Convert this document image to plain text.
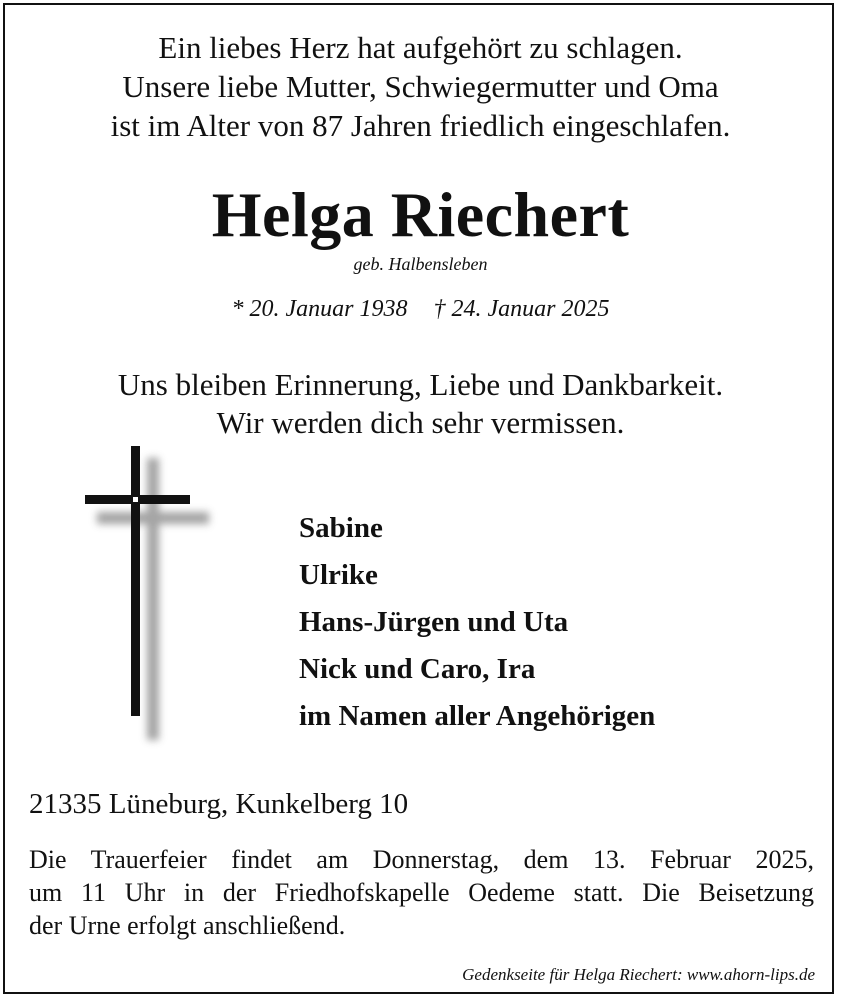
Ein liebes Herz hat aufgehört zu schlagen.
Unsere liebe Mutter, Schwiegermutter und Oma
ist im Alter von 87 Jahren friedlich eingeschlafen.
Helga Riechert
geb. Halbensleben
* 20. Januar 1938 † 24. Januar 2025
Uns bleiben Erinnerung, Liebe und Dankbarkeit.
Wir werden dich sehr vermissen.
Sabine
Ulrike
Hans-Jürgen und Uta
Nick und Caro, Ira
im Namen aller Angehörigen
21335 Lüneburg, Kunkelberg 10
Die Trauerfeier findet am Donnerstag, dem 13. Februar 2025,
um 11 Uhr in der Friedhofskapelle Oedeme statt. Die Beisetzung
der Urne erfolgt anschließend.
Gedenkseite für Helga Riechert: www.ahorn-lips.de
